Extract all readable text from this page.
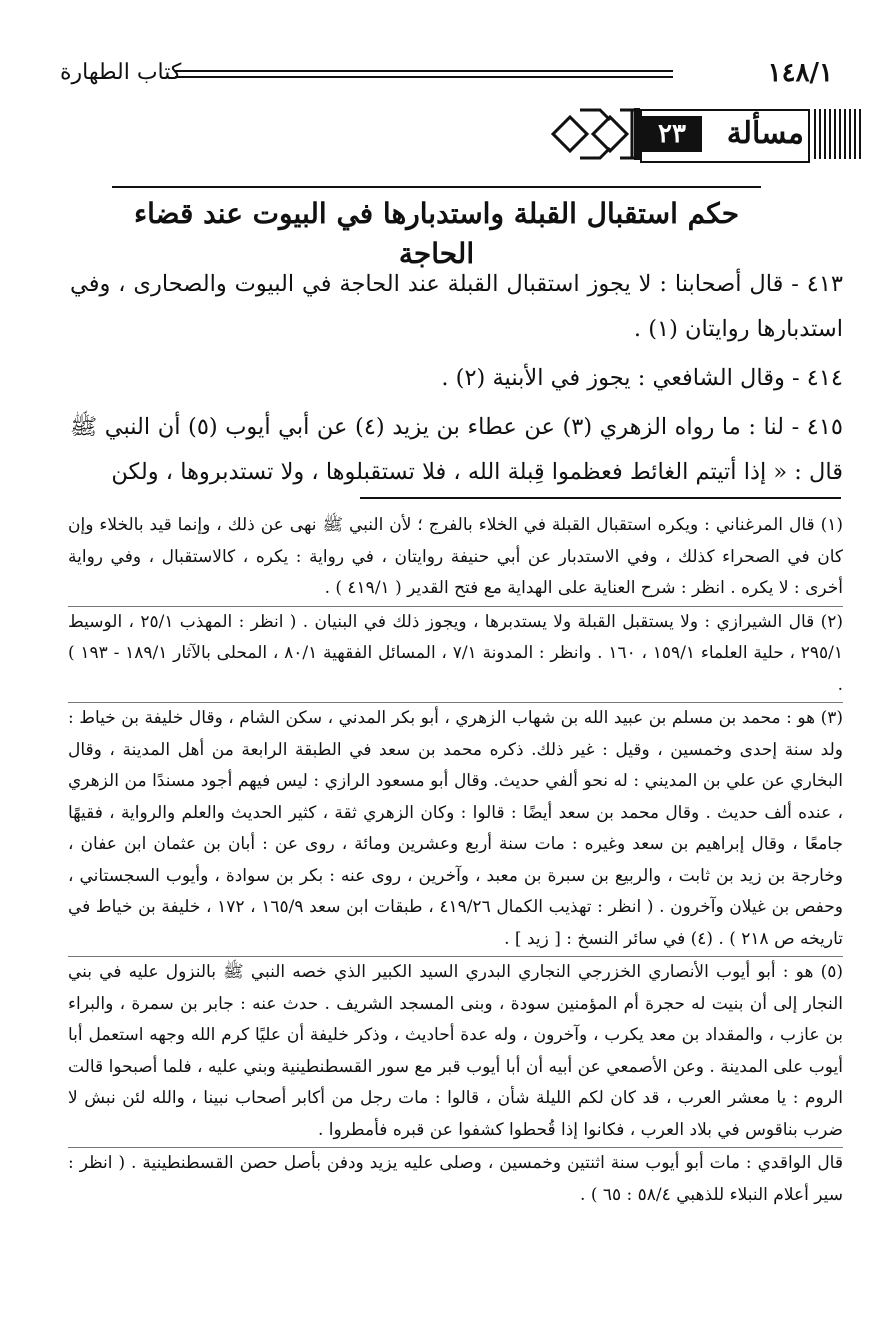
١٤٨/١
كتاب الطهارة
مسألة
٢٣
حكم استقبال القبلة واستدبارها في البيوت عند قضاء الحاجة

٤١٣ - قال أصحابنا : لا يجوز استقبال القبلة عند الحاجة في البيوت والصحارى ، وفي استدبارها روايتان (١) .

٤١٤ - وقال الشافعي : يجوز في الأبنية (٢) .

٤١٥ - لنا : ما رواه الزهري (٣) عن عطاء بن يزيد (٤) عن أبي أيوب (٥) أن النبي ﷺ قال : « إذا أتيتم الغائط فعظموا قِبلة الله ، فلا تستقبلوها ، ولا تستدبروها ، ولكن

(١) قال المرغناني : ويكره استقبال القبلة في الخلاء بالفرج ؛ لأن النبي ﷺ نهى عن ذلك ، وإنما قيد بالخلاء وإن كان في الصحراء كذلك ، وفي الاستدبار عن أبي حنيفة روايتان ، في رواية : يكره ، كالاستقبال ، وفي رواية أخرى : لا يكره . انظر : شرح العناية على الهداية مع فتح القدير ( ٤١٩/١ ) .

(٢) قال الشيرازي : ولا يستقبل القبلة ولا يستدبرها ، ويجوز ذلك في البنيان . ( انظر : المهذب ٢٥/١ ، الوسيط ٢٩٥/١ ، حلية العلماء ١٥٩/١ ، ١٦٠ . وانظر : المدونة ٧/١ ، المسائل الفقهية ٨٠/١ ، المحلى بالآثار ١٨٩/١ - ١٩٣ ) .

(٣) هو : محمد بن مسلم بن عبيد الله بن شهاب الزهري ، أبو بكر المدني ، سكن الشام ، وقال خليفة بن خياط : ولد سنة إحدى وخمسين ، وقيل : غير ذلك. ذكره محمد بن سعد في الطبقة الرابعة من أهل المدينة ، وقال البخاري عن علي بن المديني : له نحو ألفي حديث. وقال أبو مسعود الرازي : ليس فيهم أجود مسندًا من الزهري ، عنده ألف حديث . وقال محمد بن سعد أيضًا : قالوا : وكان الزهري ثقة ، كثير الحديث والعلم والرواية ، فقيهًا جامعًا ، وقال إبراهيم بن سعد وغيره : مات سنة أربع وعشرين ومائة ، روى عن : أبان بن عثمان ابن عفان ، وخارجة بن زيد بن ثابت ، والربيع بن سبرة بن معبد ، وآخرين ، روى عنه : بكر بن سوادة ، وأيوب السجستاني ، وحفص بن غيلان وآخرون . ( انظر : تهذيب الكمال ٤١٩/٢٦ ، طبقات ابن سعد ١٦٥/٩ ، ١٧٢ ، خليفة بن خياط في تاريخه ص ٢١٨ ) . (٤) في سائر النسخ : [ زيد ] .

(٥) هو : أبو أيوب الأنصاري الخزرجي النجاري البدري السيد الكبير الذي خصه النبي ﷺ بالنزول عليه في بني النجار إلى أن بنيت له حجرة أم المؤمنين سودة ، وبنى المسجد الشريف . حدث عنه : جابر بن سمرة ، والبراء بن عازب ، والمقداد بن معد يكرب ، وآخرون ، وله عدة أحاديث ، وذكر خليفة أن عليًا كرم الله وجهه استعمل أبا أيوب على المدينة . وعن الأصمعي عن أبيه أن أبا أيوب قبر مع سور القسطنطينية وبني عليه ، فلما أصبحوا قالت الروم : يا معشر العرب ، قد كان لكم الليلة شأن ، قالوا : مات رجل من أكابر أصحاب نبينا ، والله لئن نبش لا ضرب بناقوس في بلاد العرب ، فكانوا إذا قُحطوا كشفوا عن قبره فأمطروا .

قال الواقدي : مات أبو أيوب سنة اثنتين وخمسين ، وصلى عليه يزيد ودفن بأصل حصن القسطنطينية . ( انظر : سير أعلام النبلاء للذهبي ٥٨/٤ : ٦٥ ) .
